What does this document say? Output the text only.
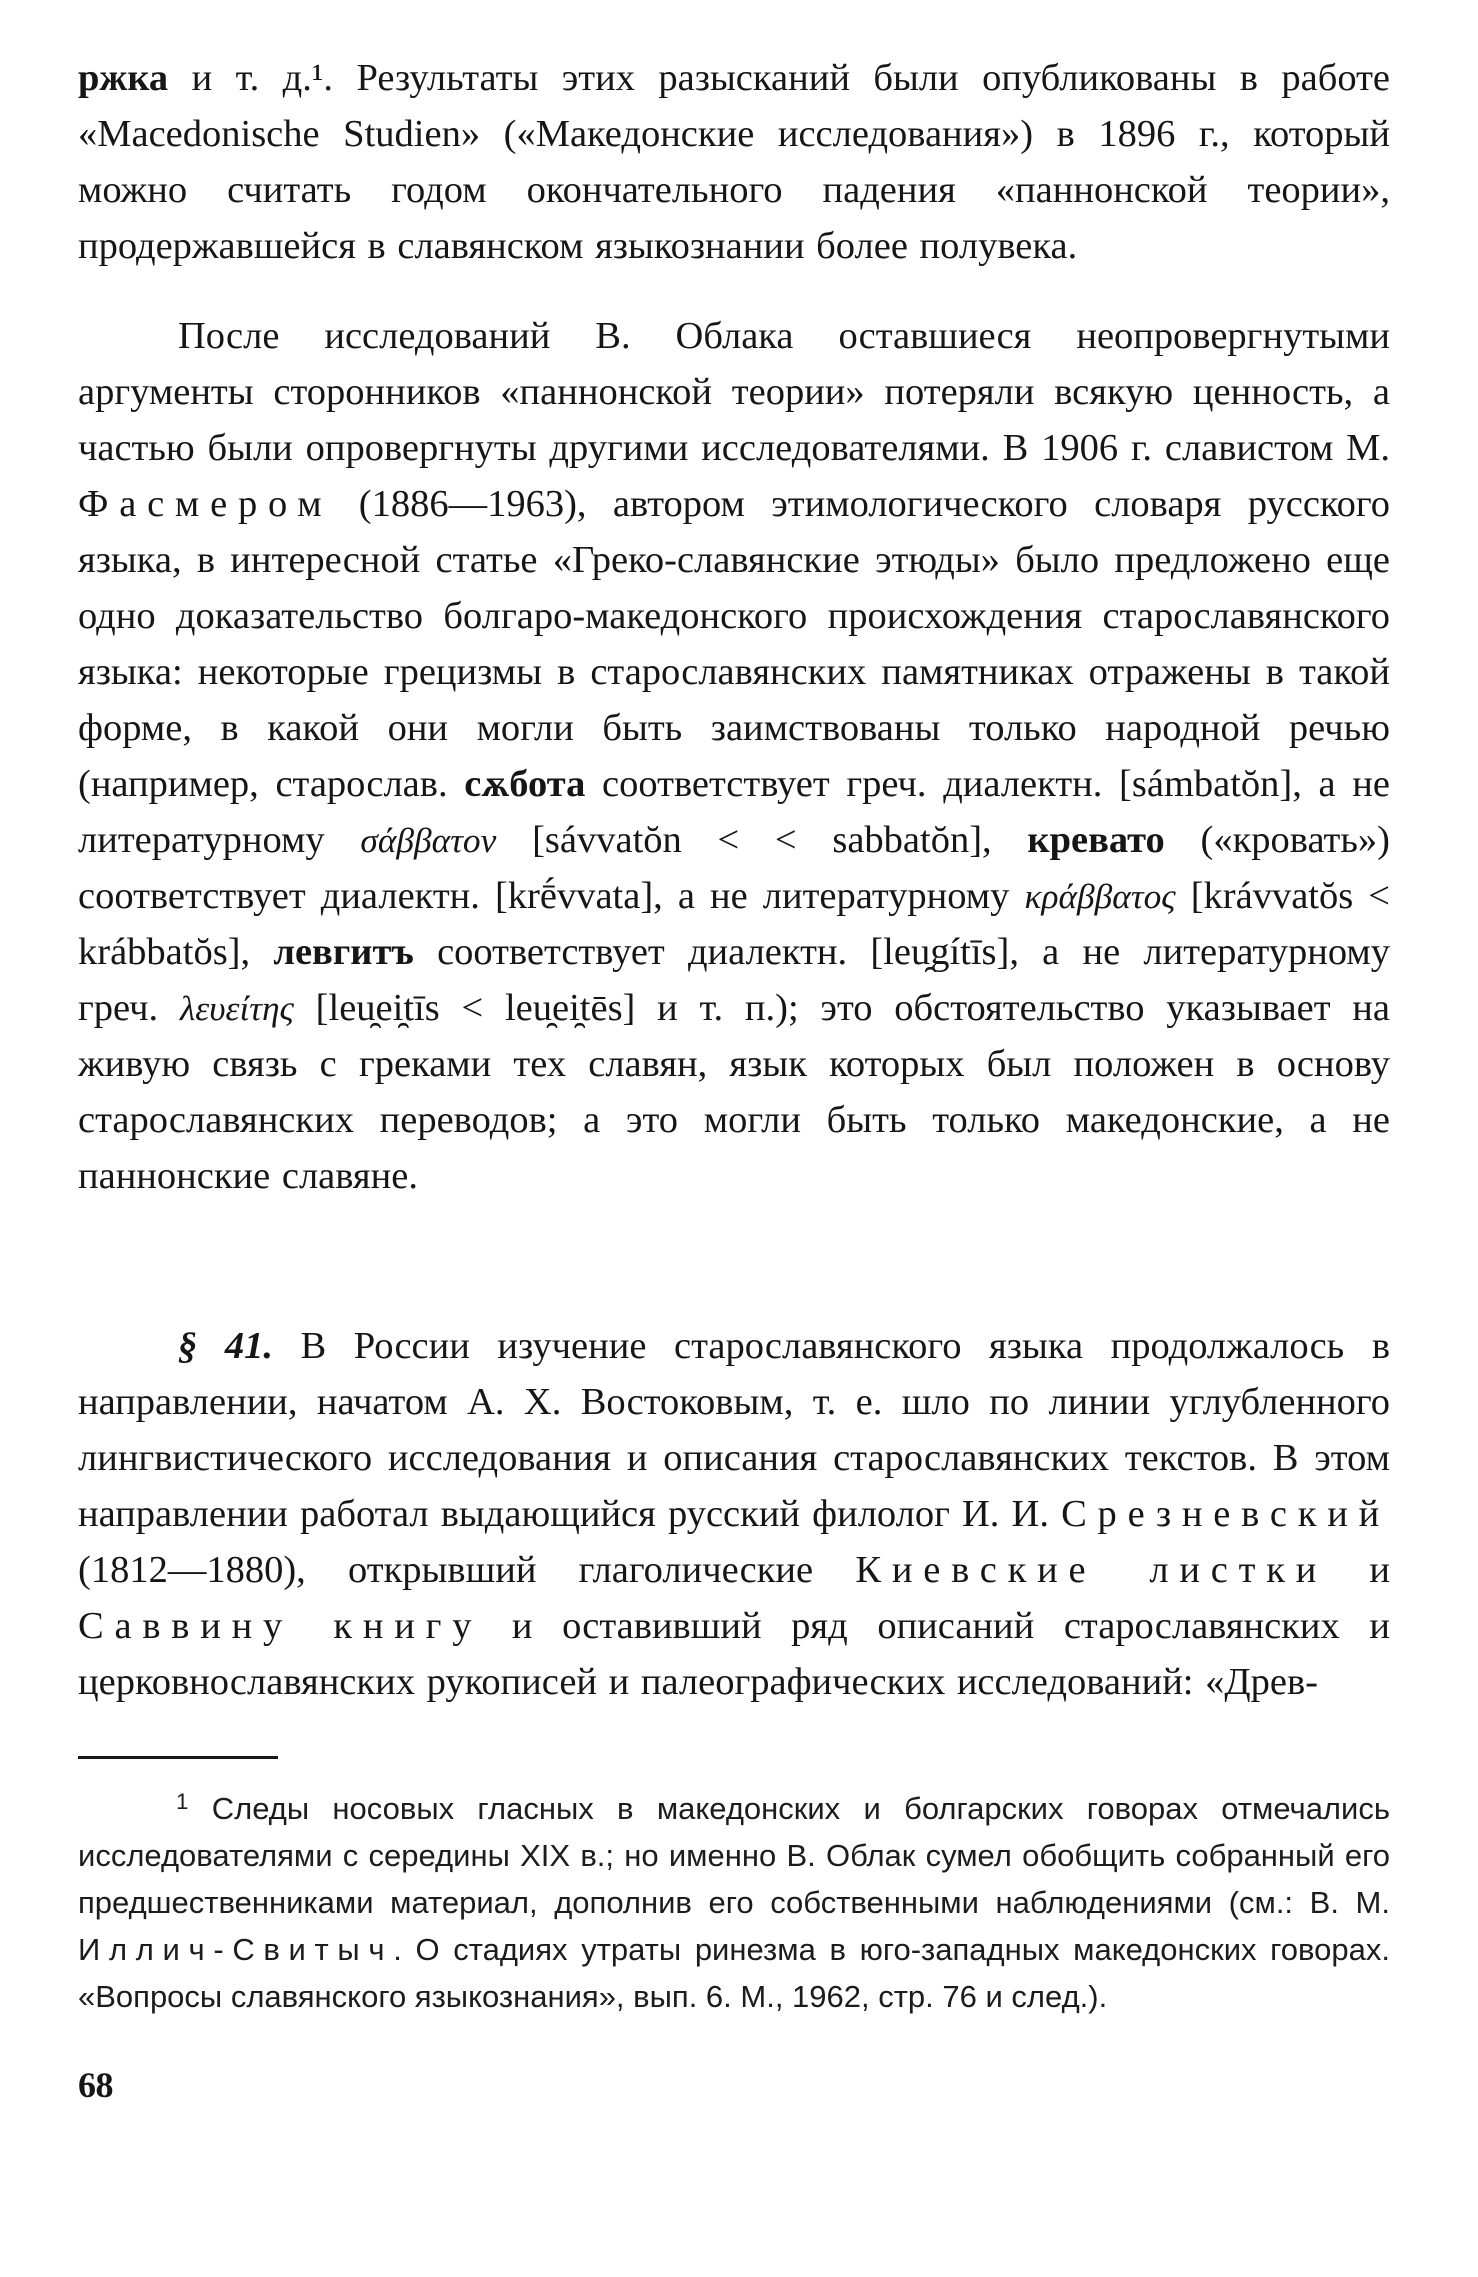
ржка и т. д.¹. Результаты этих разысканий были опубликованы в работе «Macedonische Studien» («Македонские исследования») в 1896 г., который можно считать годом окончательного падения «паннонской теории», продержавшейся в славянском языкознании более полувека.

После исследований В. Облака оставшиеся неопровергнутыми аргументы сторонников «паннонской теории» потеряли всякую ценность, а частью были опровергнуты другими исследователями. В 1906 г. славистом М. Фасмером (1886—1963), автором этимологического словаря русского языка, в интересной статье «Греко-славянские этюды» было предложено еще одно доказательство болгаро-македонского происхождения старославянского языка: некоторые грецизмы в старославянских памятниках отражены в такой форме, в какой они могли быть заимствованы только народной речью (например, старослав. сѫбота соответствует греч. диалектн. [sámbatŏn], а не литературному σάββατον [sávvatŏn < < sabbatŏn], кревато («кровать») соответствует диалектн. [krḗvvata], а не литературному κράββατος [krávvatŏs < krábbatŏs], левгитъ соответствует диалектн. [leu̯gítīs], а не литературному греч. λευείτης [leu̯ei̯tīs < leu̯ei̯tēs] и т. п.); это обстоятельство указывает на живую связь с греками тех славян, язык которых был положен в основу старославянских переводов; а это могли быть только македонские, а не паннонские славяне.

§ 41. В России изучение старославянского языка продолжалось в направлении, начатом А. Х. Востоковым, т. е. шло по линии углубленного лингвистического исследования и описания старославянских текстов. В этом направлении работал выдающийся русский филолог И. И. Срезневский (1812—1880), открывший глаголические Киевские листки и Саввину книгу и оставивший ряд описаний старославянских и церковнославянских рукописей и палеографических исследований: «Древ-

$^1$ Следы носовых гласных в македонских и болгарских говорах отмечались исследователями с середины XIX в.; но именно В. Облак сумел обобщить собранный его предшественниками материал, дополнив его собственными наблюдениями (см.: В. М. Иллич-Свитыч. О стадиях утраты ринезма в юго-западных македонских говорах. «Вопросы славянского языкознания», вып. 6. М., 1962, стр. 76 и след.).

68
